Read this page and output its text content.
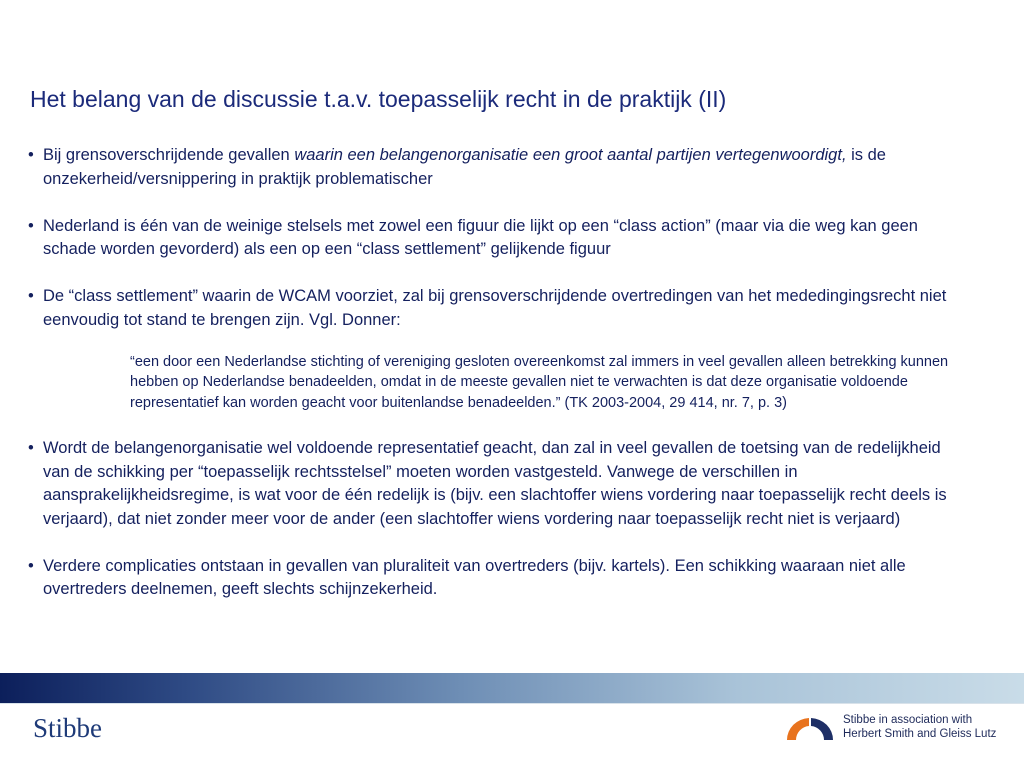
Het belang van de discussie t.a.v. toepasselijk recht in de praktijk (II)
• Bij grensoverschrijdende gevallen waarin een belangenorganisatie een groot aantal partijen vertegenwoordigt, is de onzekerheid/versnippering in praktijk problematischer
• Nederland is één van de weinige stelsels met zowel een figuur die lijkt op een “class action” (maar via die weg kan geen schade worden gevorderd) als een op een “class settlement” gelijkende figuur
• De “class settlement” waarin de WCAM voorziet, zal bij grensoverschrijdende overtredingen van het mededingingsrecht niet eenvoudig tot stand te brengen zijn. Vgl. Donner:
“een door een Nederlandse stichting of vereniging gesloten overeenkomst zal immers in veel gevallen alleen betrekking kunnen hebben op Nederlandse benadeelden, omdat in de meeste gevallen niet te verwachten is dat deze organisatie voldoende representatief kan worden geacht voor buitenlandse benadeelden.” (TK 2003-2004, 29 414, nr. 7, p. 3)
• Wordt de belangenorganisatie wel voldoende representatief geacht, dan zal in veel gevallen de toetsing van de redelijkheid van de schikking per “toepasselijk rechtsstelsel” moeten worden vastgesteld. Vanwege de verschillen in aansprakelijkheidsregime, is wat voor de één redelijk is (bijv. een slachtoffer wiens vordering naar toepasselijk recht deels is verjaard), dat niet zonder meer voor de ander (een slachtoffer wiens vordering naar toepasselijk recht niet is verjaard)
• Verdere complicaties ontstaan in gevallen van pluraliteit van overtreders (bijv. kartels). Een schikking waaraan niet alle overtreders deelnemen, geeft slechts schijnzekerheid.
Stibbe	Stibbe in association with
Herbert Smith and Gleiss Lutz
